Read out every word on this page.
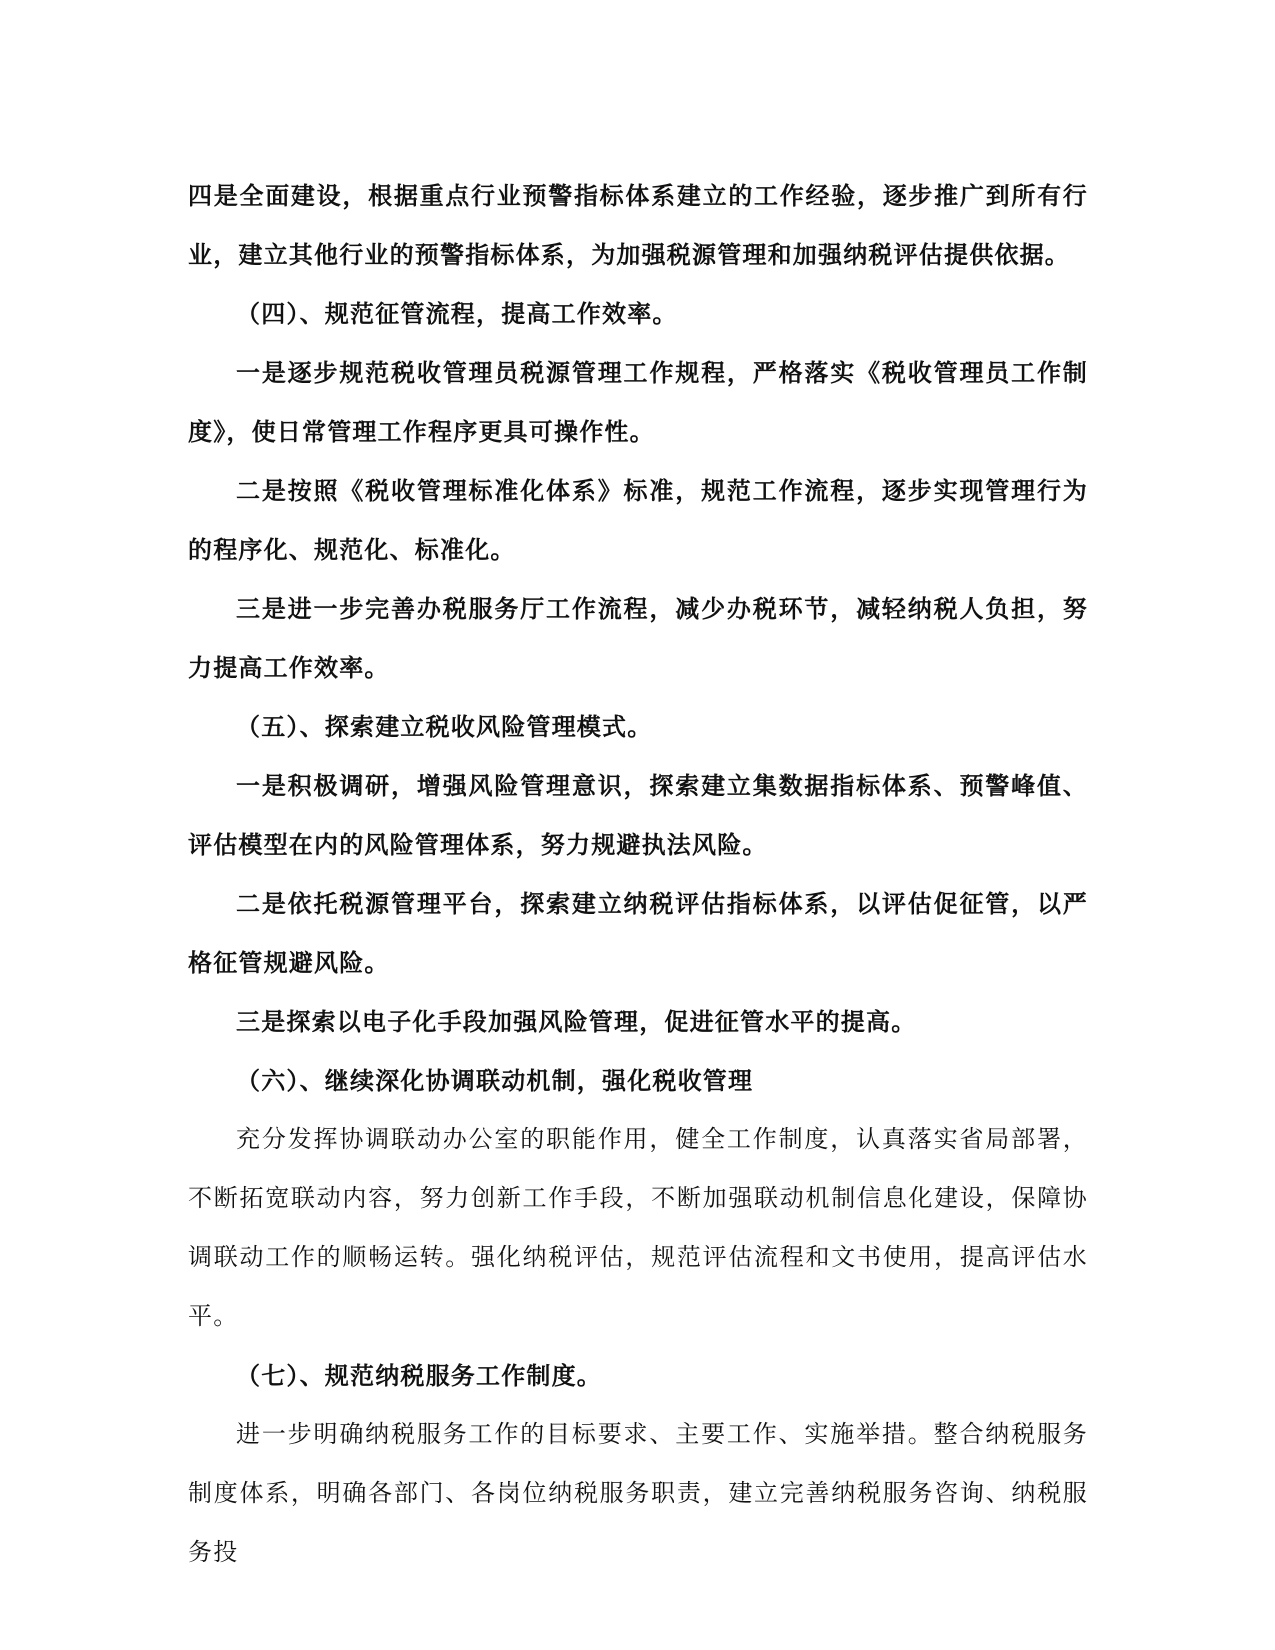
四是全面建设，根据重点行业预警指标体系建立的工作经验，逐步推广到所有行业，建立其他行业的预警指标体系，为加强税源管理和加强纳税评估提供依据。

（四）、规范征管流程，提高工作效率。

一是逐步规范税收管理员税源管理工作规程，严格落实《税收管理员工作制度》，使日常管理工作程序更具可操作性。

二是按照《税收管理标准化体系》标准，规范工作流程，逐步实现管理行为的程序化、规范化、标准化。

三是进一步完善办税服务厅工作流程，减少办税环节，减轻纳税人负担，努力提高工作效率。

（五）、探索建立税收风险管理模式。

一是积极调研，增强风险管理意识，探索建立集数据指标体系、预警峰值、评估模型在内的风险管理体系，努力规避执法风险。

二是依托税源管理平台，探索建立纳税评估指标体系，以评估促征管，以严格征管规避风险。

三是探索以电子化手段加强风险管理，促进征管水平的提高。

（六）、继续深化协调联动机制，强化税收管理

充分发挥协调联动办公室的职能作用，健全工作制度，认真落实省局部署，不断拓宽联动内容，努力创新工作手段，不断加强联动机制信息化建设，保障协调联动工作的顺畅运转。强化纳税评估，规范评估流程和文书使用，提高评估水平。

（七）、规范纳税服务工作制度。

进一步明确纳税服务工作的目标要求、主要工作、实施举措。整合纳税服务制度体系，明确各部门、各岗位纳税服务职责，建立完善纳税服务咨询、纳税服务投
